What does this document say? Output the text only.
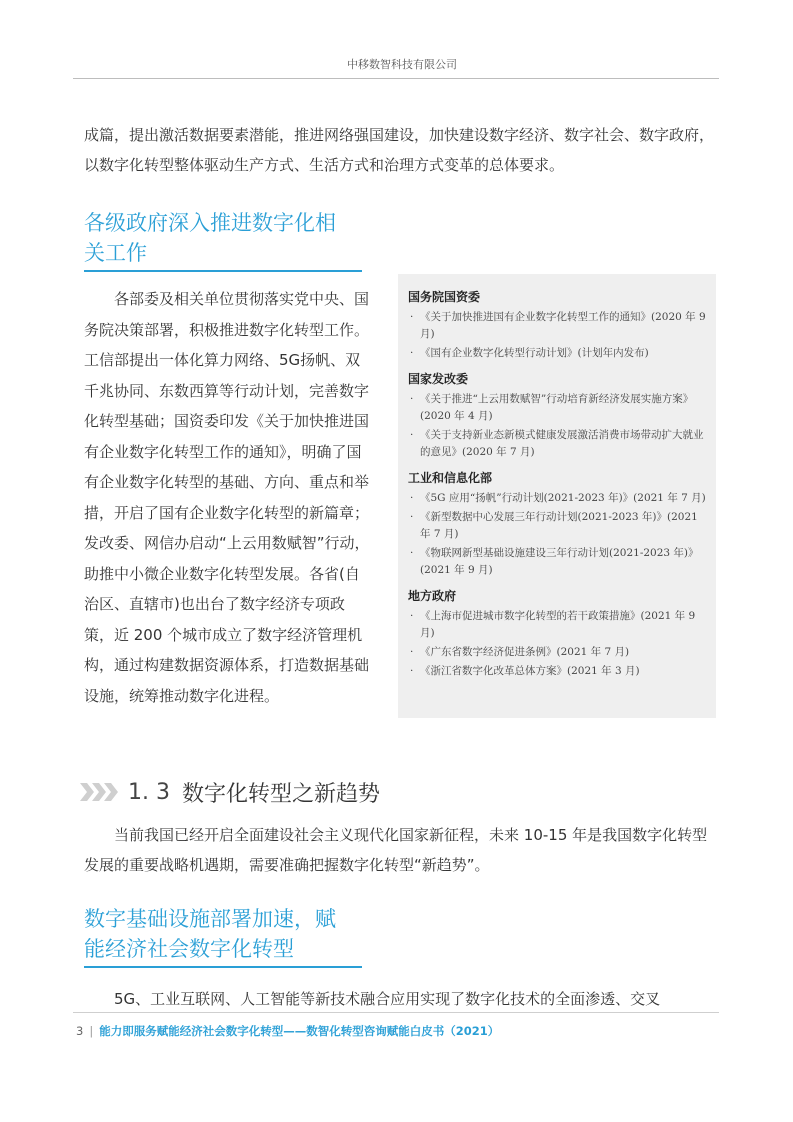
中移数智科技有限公司

成篇，提出激活数据要素潜能，推进网络强国建设，加快建设数字经济、数字社会、数字政府，以数字化转型整体驱动生产方式、生活方式和治理方式变革的总体要求。

各级政府深入推进数字化相
关工作

各部委及相关单位贯彻落实党中央、国务院决策部署，积极推进数字化转型工作。工信部提出一体化算力网络、5G扬帆、双千兆协同、东数西算等行动计划，完善数字化转型基础；国资委印发《关于加快推进国有企业数字化转型工作的通知》，明确了国有企业数字化转型的基础、方向、重点和举措，开启了国有企业数字化转型的新篇章；发改委、网信办启动“上云用数赋智”行动，助推中小微企业数字化转型发展。各省(自治区、直辖市)也出台了数字经济专项政策，近 200 个城市成立了数字经济管理机构，通过构建数据资源体系，打造数据基础设施，统筹推动数字化进程。

国务院国资委
· 《关于加快推进国有企业数字化转型工作的通知》(2020 年 9 月)
· 《国有企业数字化转型行动计划》(计划年内发布)
国家发改委
· 《关于推进“上云用数赋智”行动培育新经济发展实施方案》(2020 年 4 月)
· 《关于支持新业态新模式健康发展激活消费市场带动扩大就业的意见》(2020 年 7 月)
工业和信息化部
· 《5G 应用“扬帆”行动计划(2021-2023 年)》(2021 年 7 月)
· 《新型数据中心发展三年行动计划(2021-2023 年)》(2021 年 7 月)
· 《物联网新型基础设施建设三年行动计划(2021-2023 年)》(2021 年 9 月)
地方政府
· 《上海市促进城市数字化转型的若干政策措施》(2021 年 9 月)
· 《广东省数字经济促进条例》(2021 年 7 月)
· 《浙江省数字化改革总体方案》(2021 年 3 月)
1. 3 数字化转型之新趋势

当前我国已经开启全面建设社会主义现代化国家新征程，未来 10-15 年是我国数字化转型发展的重要战略机遇期，需要准确把握数字化转型“新趋势”。

数字基础设施部署加速，赋
能经济社会数字化转型

5G、工业互联网、人工智能等新技术融合应用实现了数字化技术的全面渗透、交叉

3 | 能力即服务赋能经济社会数字化转型——数智化转型咨询赋能白皮书（2021）
